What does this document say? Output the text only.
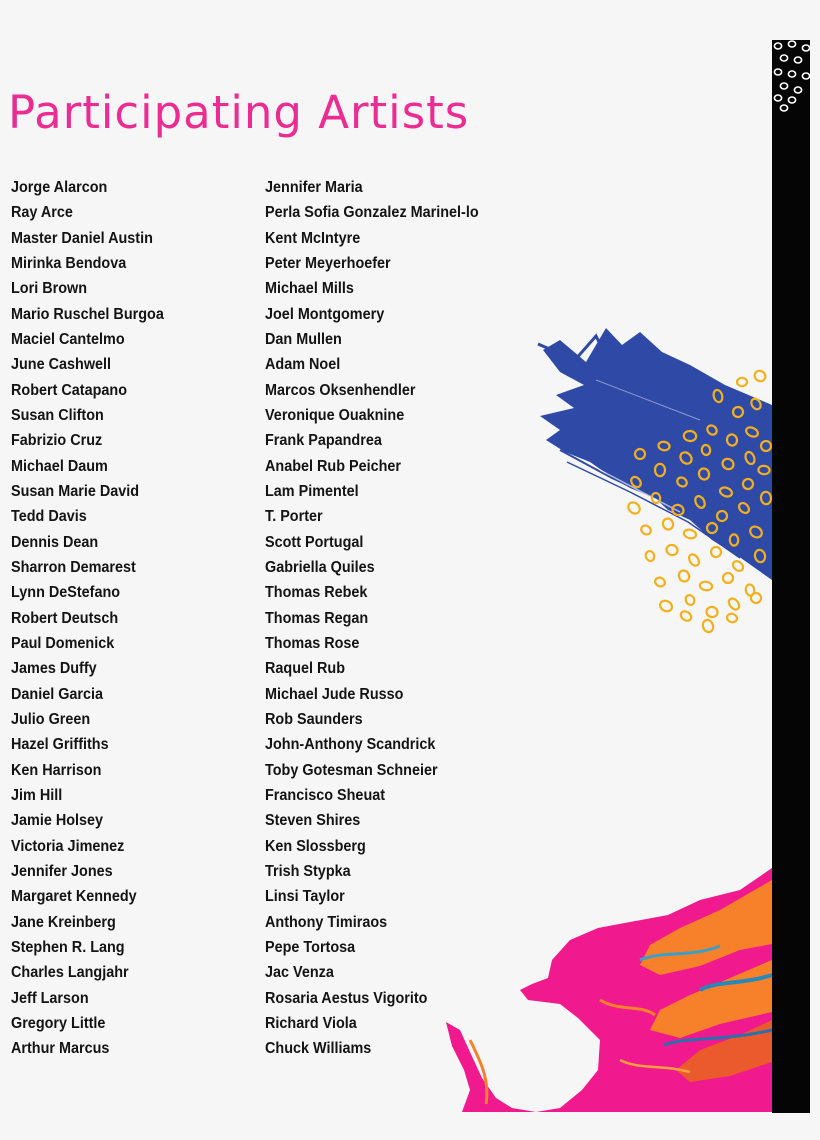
Participating Artists
Jorge Alarcon
Ray Arce
Master Daniel Austin
Mirinka Bendova
Lori Brown
Mario Ruschel Burgoa
Maciel Cantelmo
June Cashwell
Robert Catapano
Susan Clifton
Fabrizio Cruz
Michael Daum
Susan Marie David
Tedd Davis
Dennis Dean
Sharron Demarest
Lynn DeStefano
Robert Deutsch
Paul Domenick
James Duffy
Daniel Garcia
Julio Green
Hazel Griffiths
Ken Harrison
Jim Hill
Jamie Holsey
Victoria Jimenez
Jennifer Jones
Margaret Kennedy
Jane Kreinberg
Stephen R. Lang
Charles Langjahr
Jeff Larson
Gregory Little
Arthur Marcus
Jennifer Maria
Perla Sofia Gonzalez Marinel-lo
Kent McIntyre
Peter Meyerhoefer
Michael Mills
Joel Montgomery
Dan Mullen
Adam Noel
Marcos Oksenhendler
Veronique Ouaknine
Frank Papandrea
Anabel Rub Peicher
Lam Pimentel
T. Porter
Scott Portugal
Gabriella Quiles
Thomas Rebek
Thomas Regan
Thomas Rose
Raquel Rub
Michael Jude Russo
Rob Saunders
John-Anthony Scandrick
Toby Gotesman Schneier
Francisco Sheuat
Steven Shires
Ken Slossberg
Trish Stypka
Linsi Taylor
Anthony Timiraos
Pepe Tortosa
Jac Venza
Rosaria Aestus Vigorito
Richard Viola
Chuck Williams
